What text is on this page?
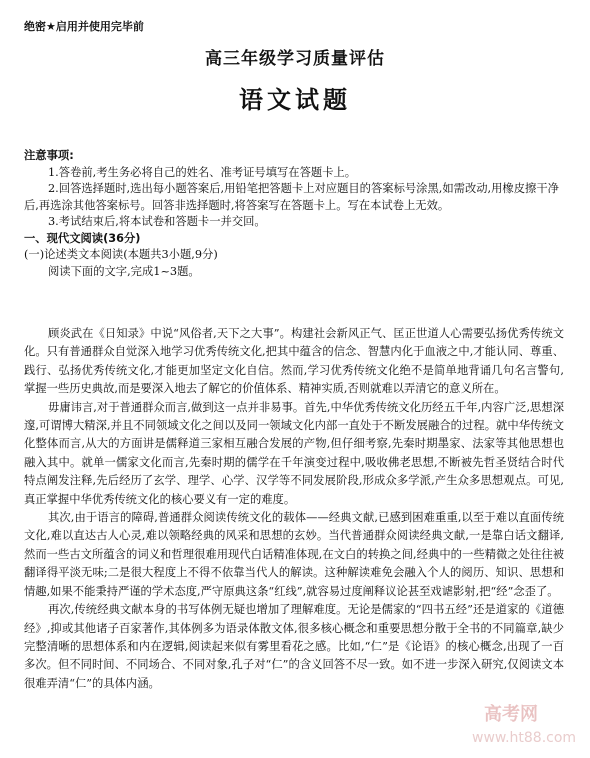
绝密★启用并使用完毕前
高三年级学习质量评估
语文试题

注意事项:

1.答卷前,考生务必将自己的姓名、准考证号填写在答题卡上。

2.回答选择题时,选出每小题答案后,用铅笔把答题卡上对应题目的答案标号涂黑,如需改动,用橡皮擦干净后,再选涂其他答案标号。回答非选择题时,将答案写在答题卡上。写在本试卷上无效。

3.考试结束后,将本试卷和答题卡一并交回。

一、现代文阅读(36分)

(一)论述类文本阅读(本题共3小题,9分)

阅读下面的文字,完成1~3题。

顾炎武在《日知录》中说“风俗者,天下之大事”。构建社会新风正气、匡正世道人心需要弘扬优秀传统文化。只有普通群众自觉深入地学习优秀传统文化,把其中蕴含的信念、智慧内化于血液之中,才能认同、尊重、践行、弘扬优秀传统文化,才能更加坚定文化自信。然而,学习优秀传统文化绝不是简单地背诵几句名言警句,掌握一些历史典故,而是要深入地去了解它的价值体系、精神实质,否则就难以弄清它的意义所在。

毋庸讳言,对于普通群众而言,做到这一点并非易事。首先,中华优秀传统文化历经五千年,内容广泛,思想深邃,可谓博大精深,并且不同领域文化之间以及同一领域文化内部一直处于不断发展融合的过程。就中华传统文化整体而言,从大的方面讲是儒释道三家相互融合发展的产物,但仔细考察,先秦时期墨家、法家等其他思想也融入其中。就单一儒家文化而言,先秦时期的儒学在千年演变过程中,吸收佛老思想,不断被先哲圣贤结合时代特点阐发注释,先后经历了玄学、理学、心学、汉学等不同发展阶段,形成众多学派,产生众多思想观点。可见,真正掌握中华优秀传统文化的核心要义有一定的难度。

其次,由于语言的障碍,普通群众阅读传统文化的载体——经典文献,已感到困难重重,以至于难以直面传统文化,难以直达古人心灵,难以领略经典的风采和思想的玄妙。当代普通群众阅读经典文献,一是靠白话文翻译,然而一些古文所蕴含的词义和哲理很难用现代白话精准体现,在文白的转换之间,经典中的一些精微之处往往被翻译得平淡无味;二是很大程度上不得不依靠当代人的解读。这种解读难免会融入个人的阅历、知识、思想和情趣,如果不能秉持严谨的学术态度,严守原典这条“红线”,就容易过度阐释议论甚至戏谑影射,把“经”念歪了。

再次,传统经典文献本身的书写体例无疑也增加了理解难度。无论是儒家的“四书五经”还是道家的《道德经》,抑或其他诸子百家著作,其体例多为语录体散文体,很多核心概念和重要思想分散于全书的不同篇章,缺少完整清晰的思想体系和内在逻辑,阅读起来似有雾里看花之感。比如,“仁”是《论语》的核心概念,出现了一百多次。但不同时间、不同场合、不同对象,孔子对“仁”的含义回答不尽一致。如不进一步深入研究,仅阅读文本很难弄清“仁”的具体内涵。

高考网
www.ht88.com
